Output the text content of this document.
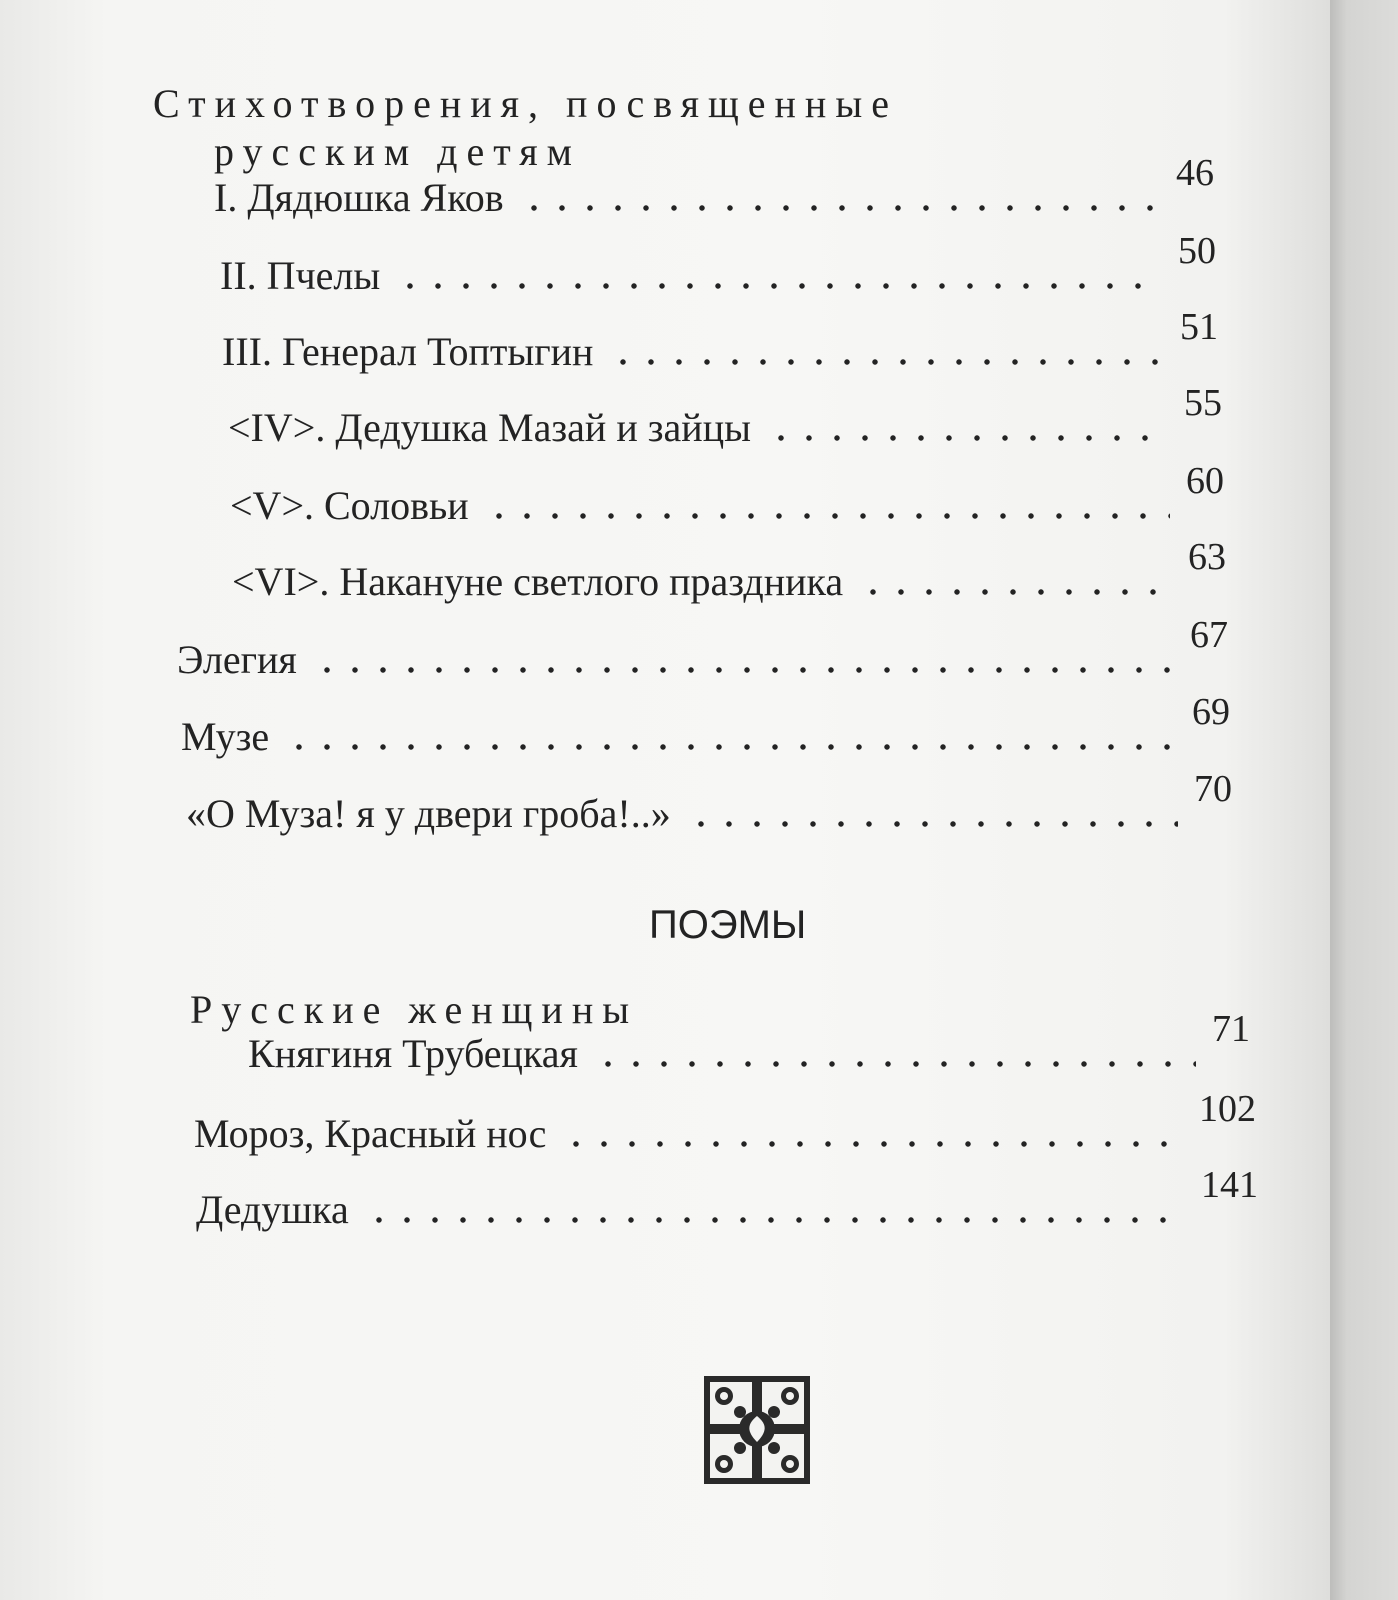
Стихотворения, посвященные
русским детям
I. Дядюшка Яков
46
II. Пчелы
50
III. Генерал Топтыгин
51
<IV>. Дедушка Мазай и зайцы
55
<V>. Соловьи
60
<VI>. Накануне светлого праздника
63
Элегия
67
Музе
69
«О Муза! я у двери гроба!..»
70
ПОЭМЫ
Русские женщины
Княгиня Трубецкая
71
Мороз, Красный нос
102
Дедушка
141
